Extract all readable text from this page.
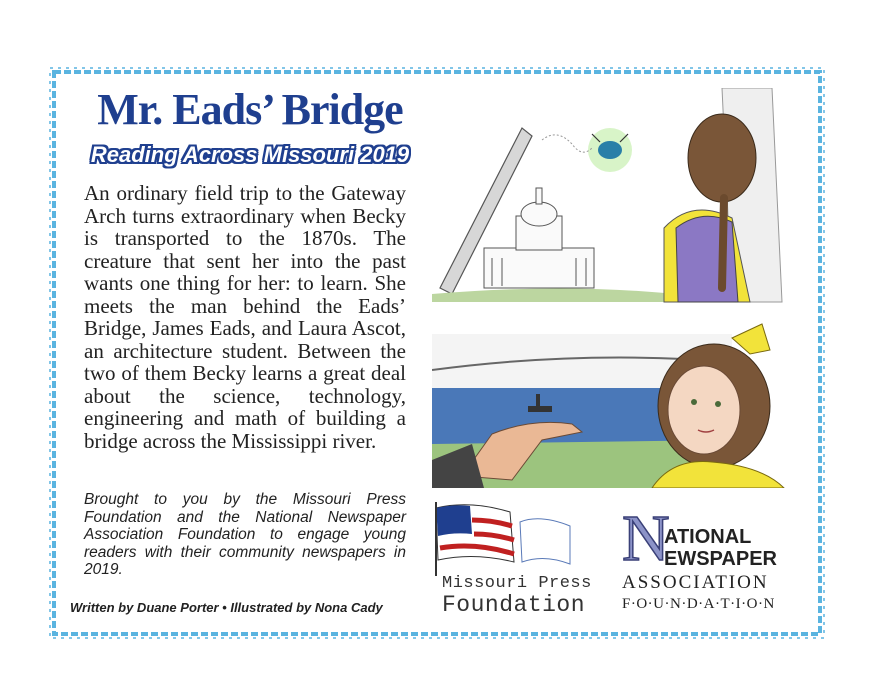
Mr. Eads’ Bridge
Reading Across Missouri 2019
An ordinary field trip to the Gateway Arch turns extraordinary when Becky is transported to the 1870s. The creature that sent her into the past wants one thing for her: to learn. She meets the man behind the Eads’ Bridge, James Eads, and Laura Ascot, an architecture student. Between the two of them Becky learns a great deal about the science, technology, engineering and math of building a bridge across the Mississippi river.
Brought to you by the Missouri Press Foundation and the National Newspaper Association Foundation to engage young readers with their community newspapers in 2019.
Written by Duane Porter • Illustrated by Nona Cady
Missouri Press
Foundation
N
ATIONAL
EWSPAPER
ASSOCIATION
F·O·U·N·D·A·T·I·O·N
